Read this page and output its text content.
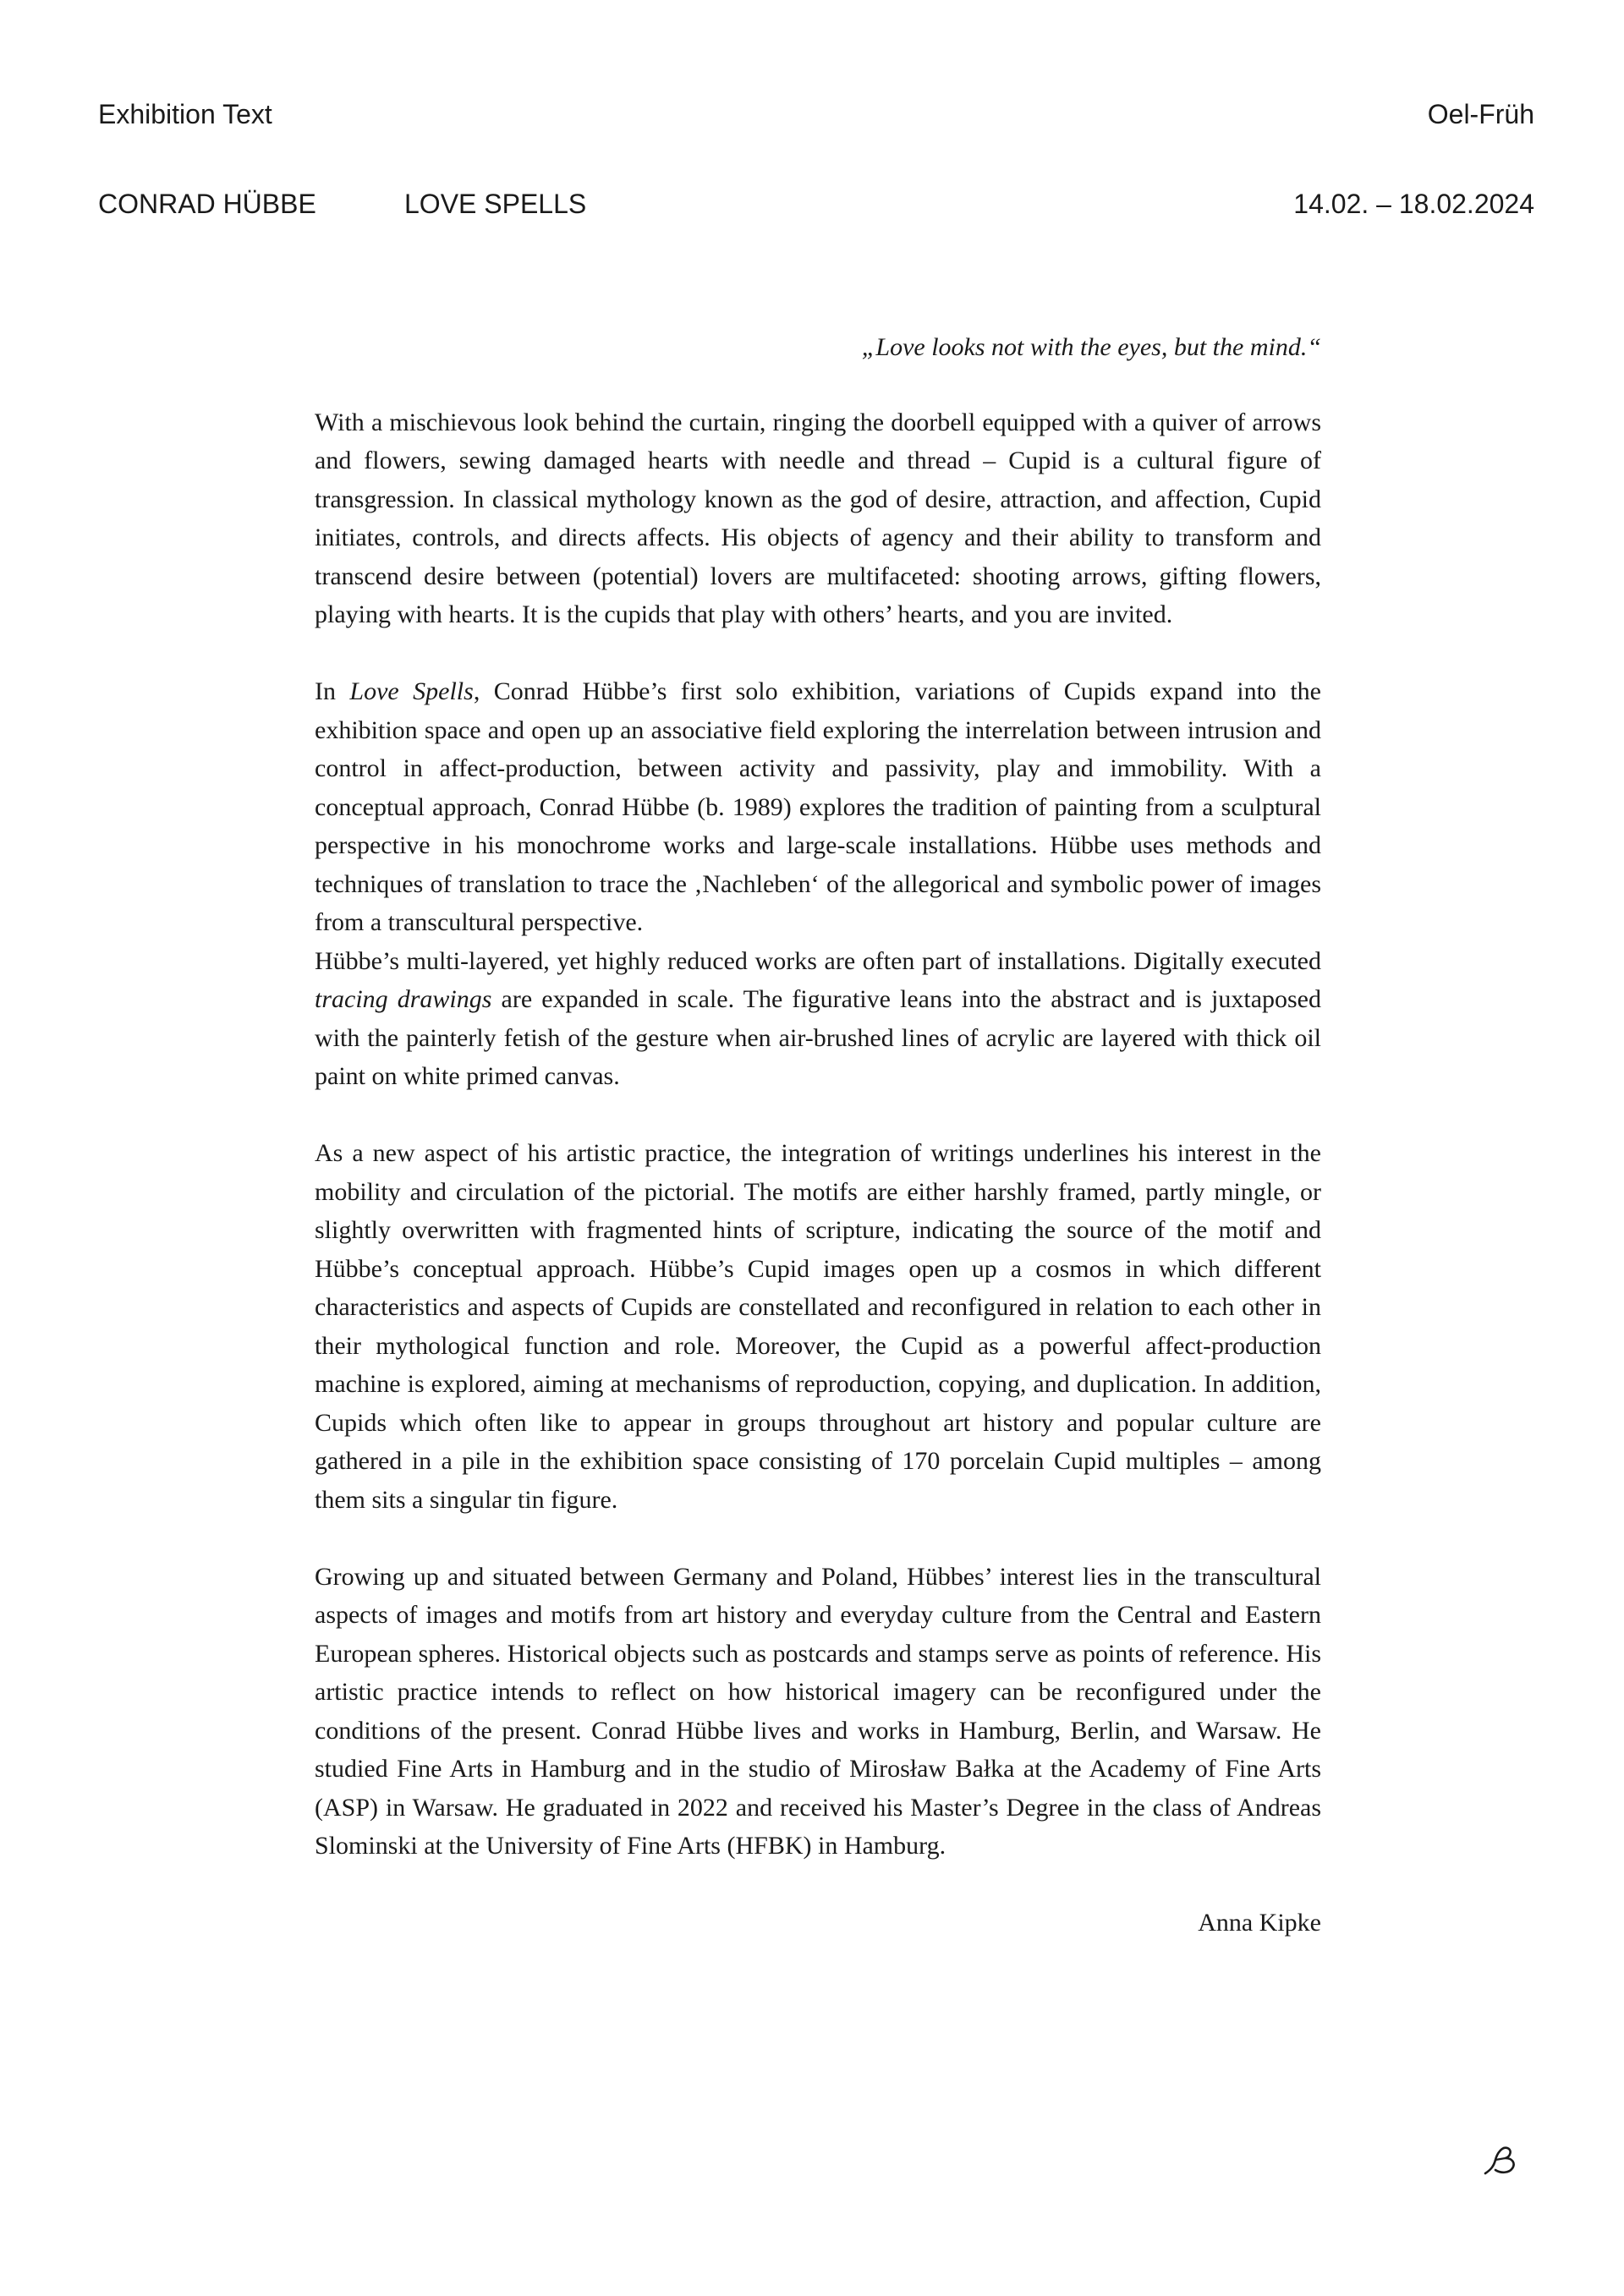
Exhibition Text	Oel-Früh
CONRAD HÜBBE	LOVE SPELLS	14.02. – 18.02.2024

„Love looks not with the eyes, but the mind.“

With a mischievous look behind the curtain, ringing the doorbell equipped with a quiver of arrows and flowers, sewing damaged hearts with needle and thread – Cupid is a cultural figure of transgression. In classical mythology known as the god of desire, attraction, and affection, Cupid initiates, controls, and directs affects. His objects of agency and their ability to transform and transcend desire between (potential) lovers are multifaceted: shooting arrows, gifting flowers, playing with hearts. It is the cupids that play with others’ hearts, and you are invited.

In Love Spells, Conrad Hübbe’s first solo exhibition, variations of Cupids expand into the exhibition space and open up an associative field exploring the interrelation between intrusion and control in affect-production, between activity and passivity, play and immobility. With a conceptual approach, Conrad Hübbe (b. 1989) explores the tradition of painting from a sculptural perspective in his monochrome works and large-scale installations. Hübbe uses methods and techniques of translation to trace the ‚Nachleben‘ of the allegorical and symbolic power of images from a transcultural perspective.

Hübbe’s multi-layered, yet highly reduced works are often part of installations. Digitally executed tracing drawings are expanded in scale. The figurative leans into the abstract and is juxtaposed with the painterly fetish of the gesture when air-brushed lines of acrylic are layered with thick oil paint on white primed canvas.

As a new aspect of his artistic practice, the integration of writings underlines his interest in the mobility and circulation of the pictorial. The motifs are either harshly framed, partly mingle, or slightly overwritten with fragmented hints of scripture, indicating the source of the motif and Hübbe’s conceptual approach. Hübbe’s Cupid images open up a cosmos in which different characteristics and aspects of Cupids are constellated and reconfigured in relation to each other in their mythological function and role. Moreover, the Cupid as a powerful affect-production machine is explored, aiming at mechanisms of reproduction, copying, and duplication. In addition, Cupids which often like to appear in groups throughout art history and popular culture are gathered in a pile in the exhibition space consisting of 170 porcelain Cupid multiples – among them sits a singular tin figure.

Growing up and situated between Germany and Poland, Hübbes’ interest lies in the transcultural aspects of images and motifs from art history and everyday culture from the Central and Eastern European spheres. Historical objects such as postcards and stamps serve as points of reference. His artistic practice intends to reflect on how historical imagery can be reconfigured under the conditions of the present. Conrad Hübbe lives and works in Hamburg, Berlin, and Warsaw. He studied Fine Arts in Hamburg and in the studio of Mirosław Bałka at the Academy of Fine Arts (ASP) in Warsaw. He graduated in 2022 and received his Master’s Degree in the class of Andreas Slominski at the University of Fine Arts (HFBK) in Hamburg.

Anna Kipke
